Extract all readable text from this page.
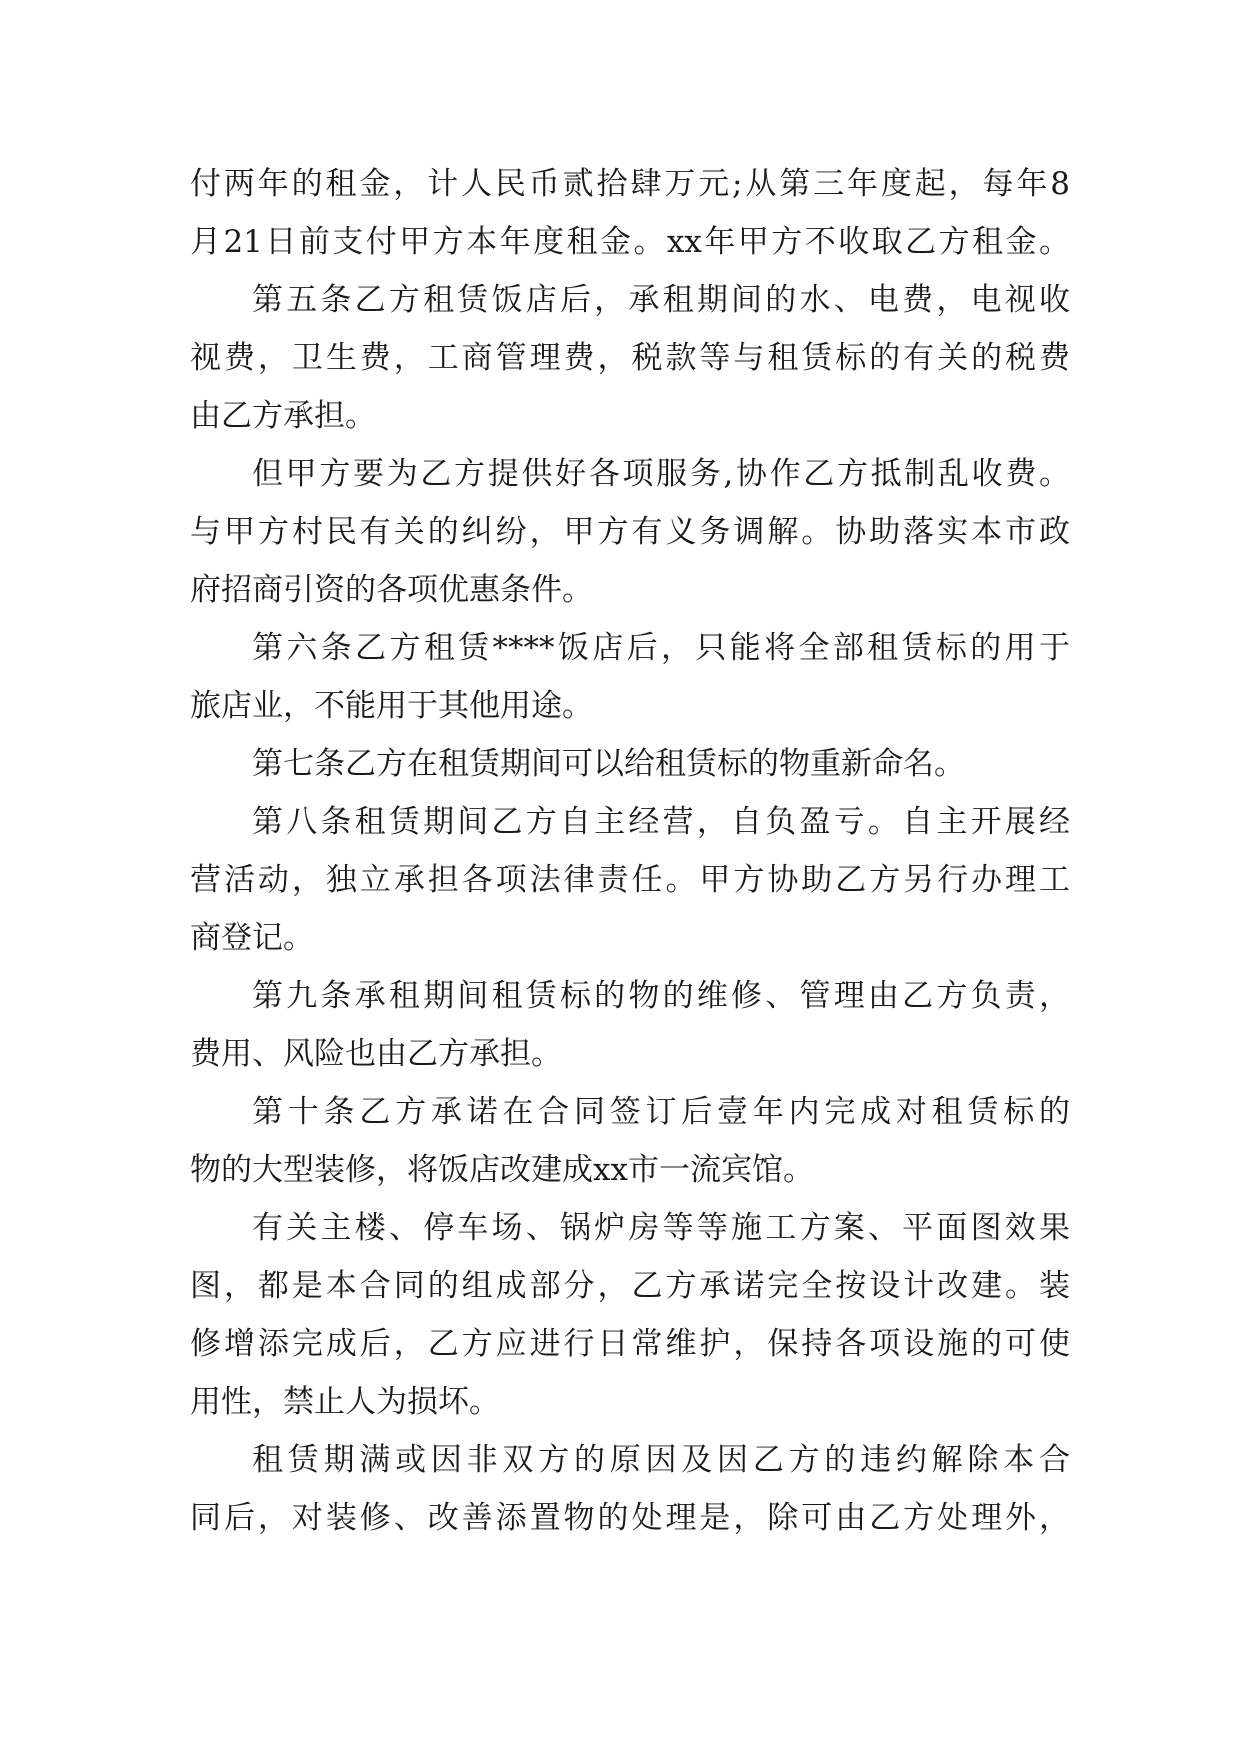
付两年的租金，计人民币贰拾肆万元;从第三年度起，每年8
月21日前支付甲方本年度租金。xx年甲方不收取乙方租金。
第五条乙方租赁饭店后，承租期间的水、电费，电视收
视费，卫生费，工商管理费，税款等与租赁标的有关的税费
由乙方承担。
但甲方要为乙方提供好各项服务,协作乙方抵制乱收费。
与甲方村民有关的纠纷，甲方有义务调解。协助落实本市政
府招商引资的各项优惠条件。
第六条乙方租赁****饭店后，只能将全部租赁标的用于
旅店业，不能用于其他用途。
第七条乙方在租赁期间可以给租赁标的物重新命名。
第八条租赁期间乙方自主经营，自负盈亏。自主开展经
营活动，独立承担各项法律责任。甲方协助乙方另行办理工
商登记。
第九条承租期间租赁标的物的维修、管理由乙方负责，
费用、风险也由乙方承担。
第十条乙方承诺在合同签订后壹年内完成对租赁标的
物的大型装修，将饭店改建成xx市一流宾馆。
有关主楼、停车场、锅炉房等等施工方案、平面图效果
图，都是本合同的组成部分，乙方承诺完全按设计改建。装
修增添完成后，乙方应进行日常维护，保持各项设施的可使
用性，禁止人为损坏。
租赁期满或因非双方的原因及因乙方的违约解除本合
同后，对装修、改善添置物的处理是，除可由乙方处理外，
